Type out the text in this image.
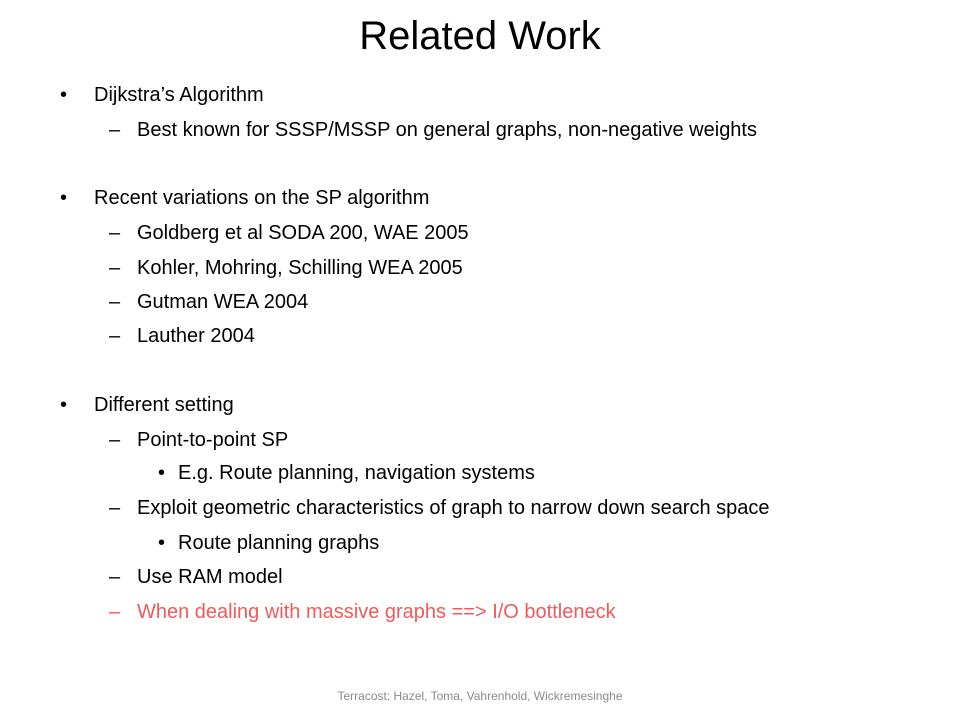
Related Work
• Dijkstra’s Algorithm
– Best known for SSSP/MSSP on general graphs, non-negative weights
• Recent variations on the SP algorithm
– Goldberg et al SODA 200, WAE 2005
– Kohler, Mohring, Schilling WEA 2005
– Gutman WEA 2004
– Lauther 2004
• Different setting
– Point-to-point SP
• E.g. Route planning, navigation systems
– Exploit geometric characteristics of graph to narrow down search space
• Route planning graphs
– Use RAM model
– When dealing with massive graphs ==> I/O bottleneck
Terracost: Hazel, Toma, Vahrenhold, Wickremesinghe
